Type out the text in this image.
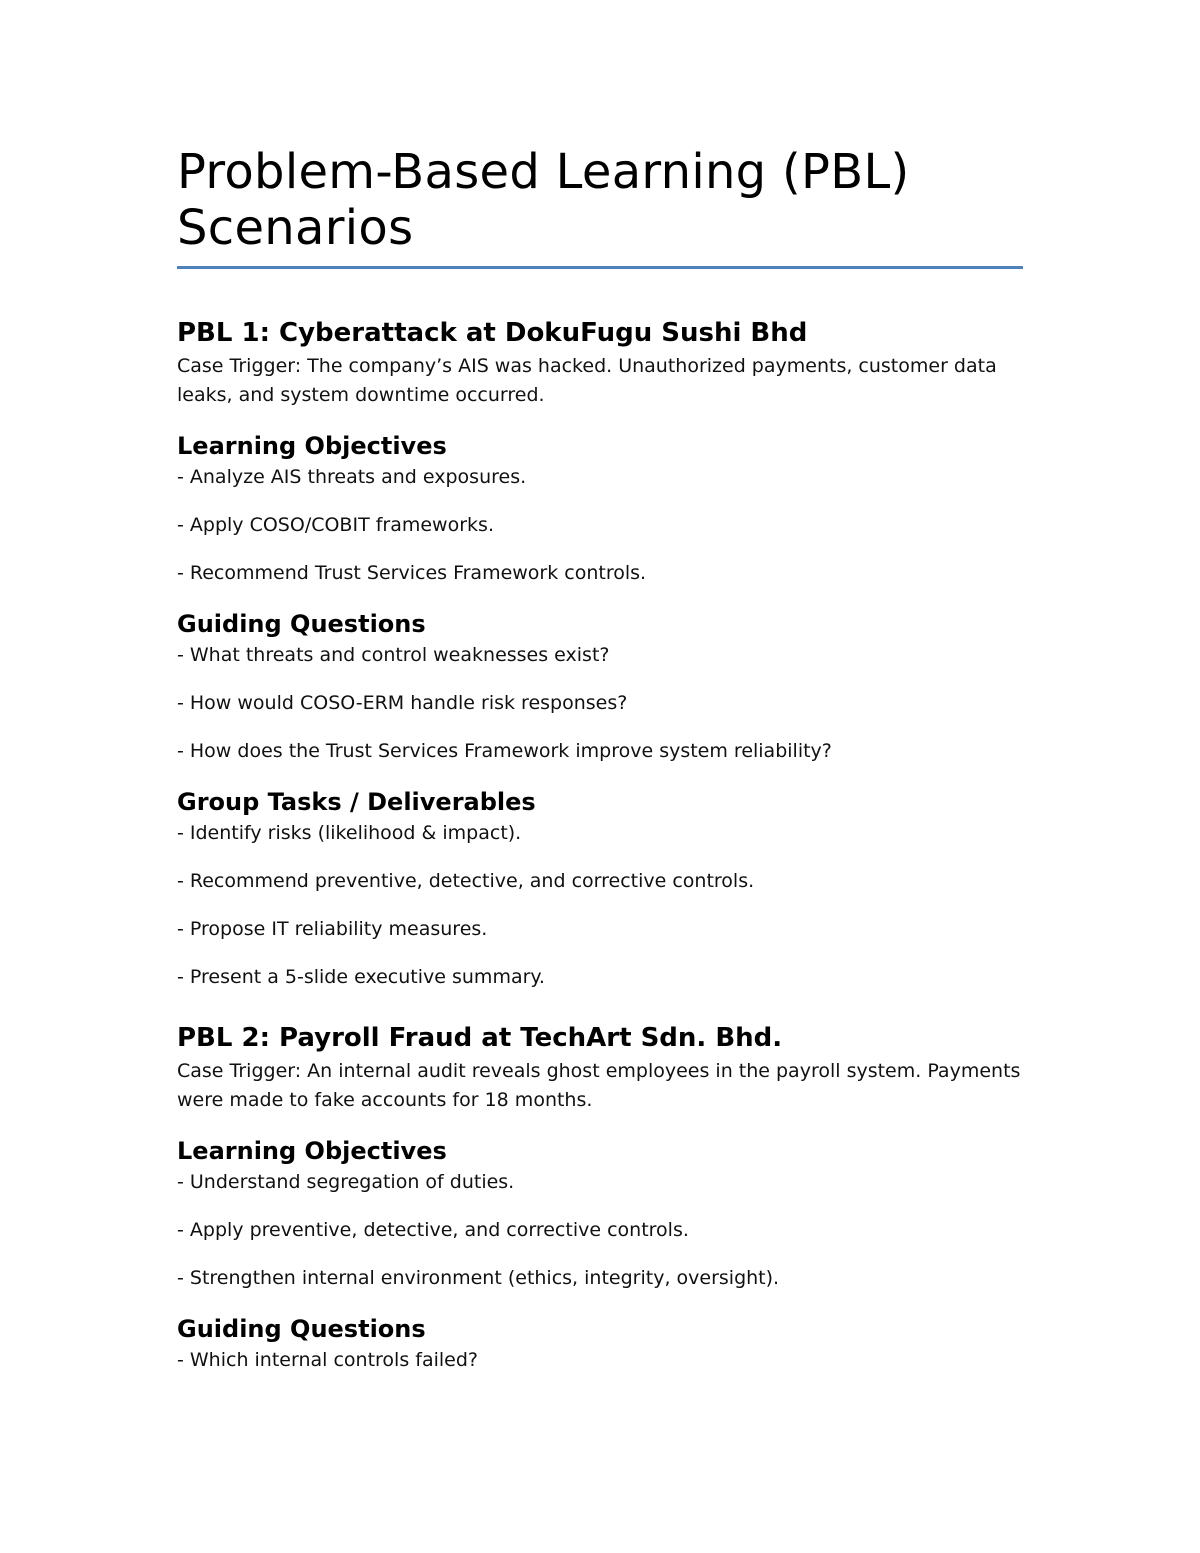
Problem-Based Learning (PBL) Scenarios
PBL 1: Cyberattack at DokuFugu Sushi Bhd

Case Trigger: The company’s AIS was hacked. Unauthorized payments, customer data leaks, and system downtime occurred.

Learning Objectives

- Analyze AIS threats and exposures.

- Apply COSO/COBIT frameworks.

- Recommend Trust Services Framework controls.

Guiding Questions

- What threats and control weaknesses exist?

- How would COSO-ERM handle risk responses?

- How does the Trust Services Framework improve system reliability?

Group Tasks / Deliverables

- Identify risks (likelihood & impact).

- Recommend preventive, detective, and corrective controls.

- Propose IT reliability measures.

- Present a 5-slide executive summary.

PBL 2: Payroll Fraud at TechArt Sdn. Bhd.

Case Trigger: An internal audit reveals ghost employees in the payroll system. Payments were made to fake accounts for 18 months.

Learning Objectives

- Understand segregation of duties.

- Apply preventive, detective, and corrective controls.

- Strengthen internal environment (ethics, integrity, oversight).

Guiding Questions

- Which internal controls failed?
